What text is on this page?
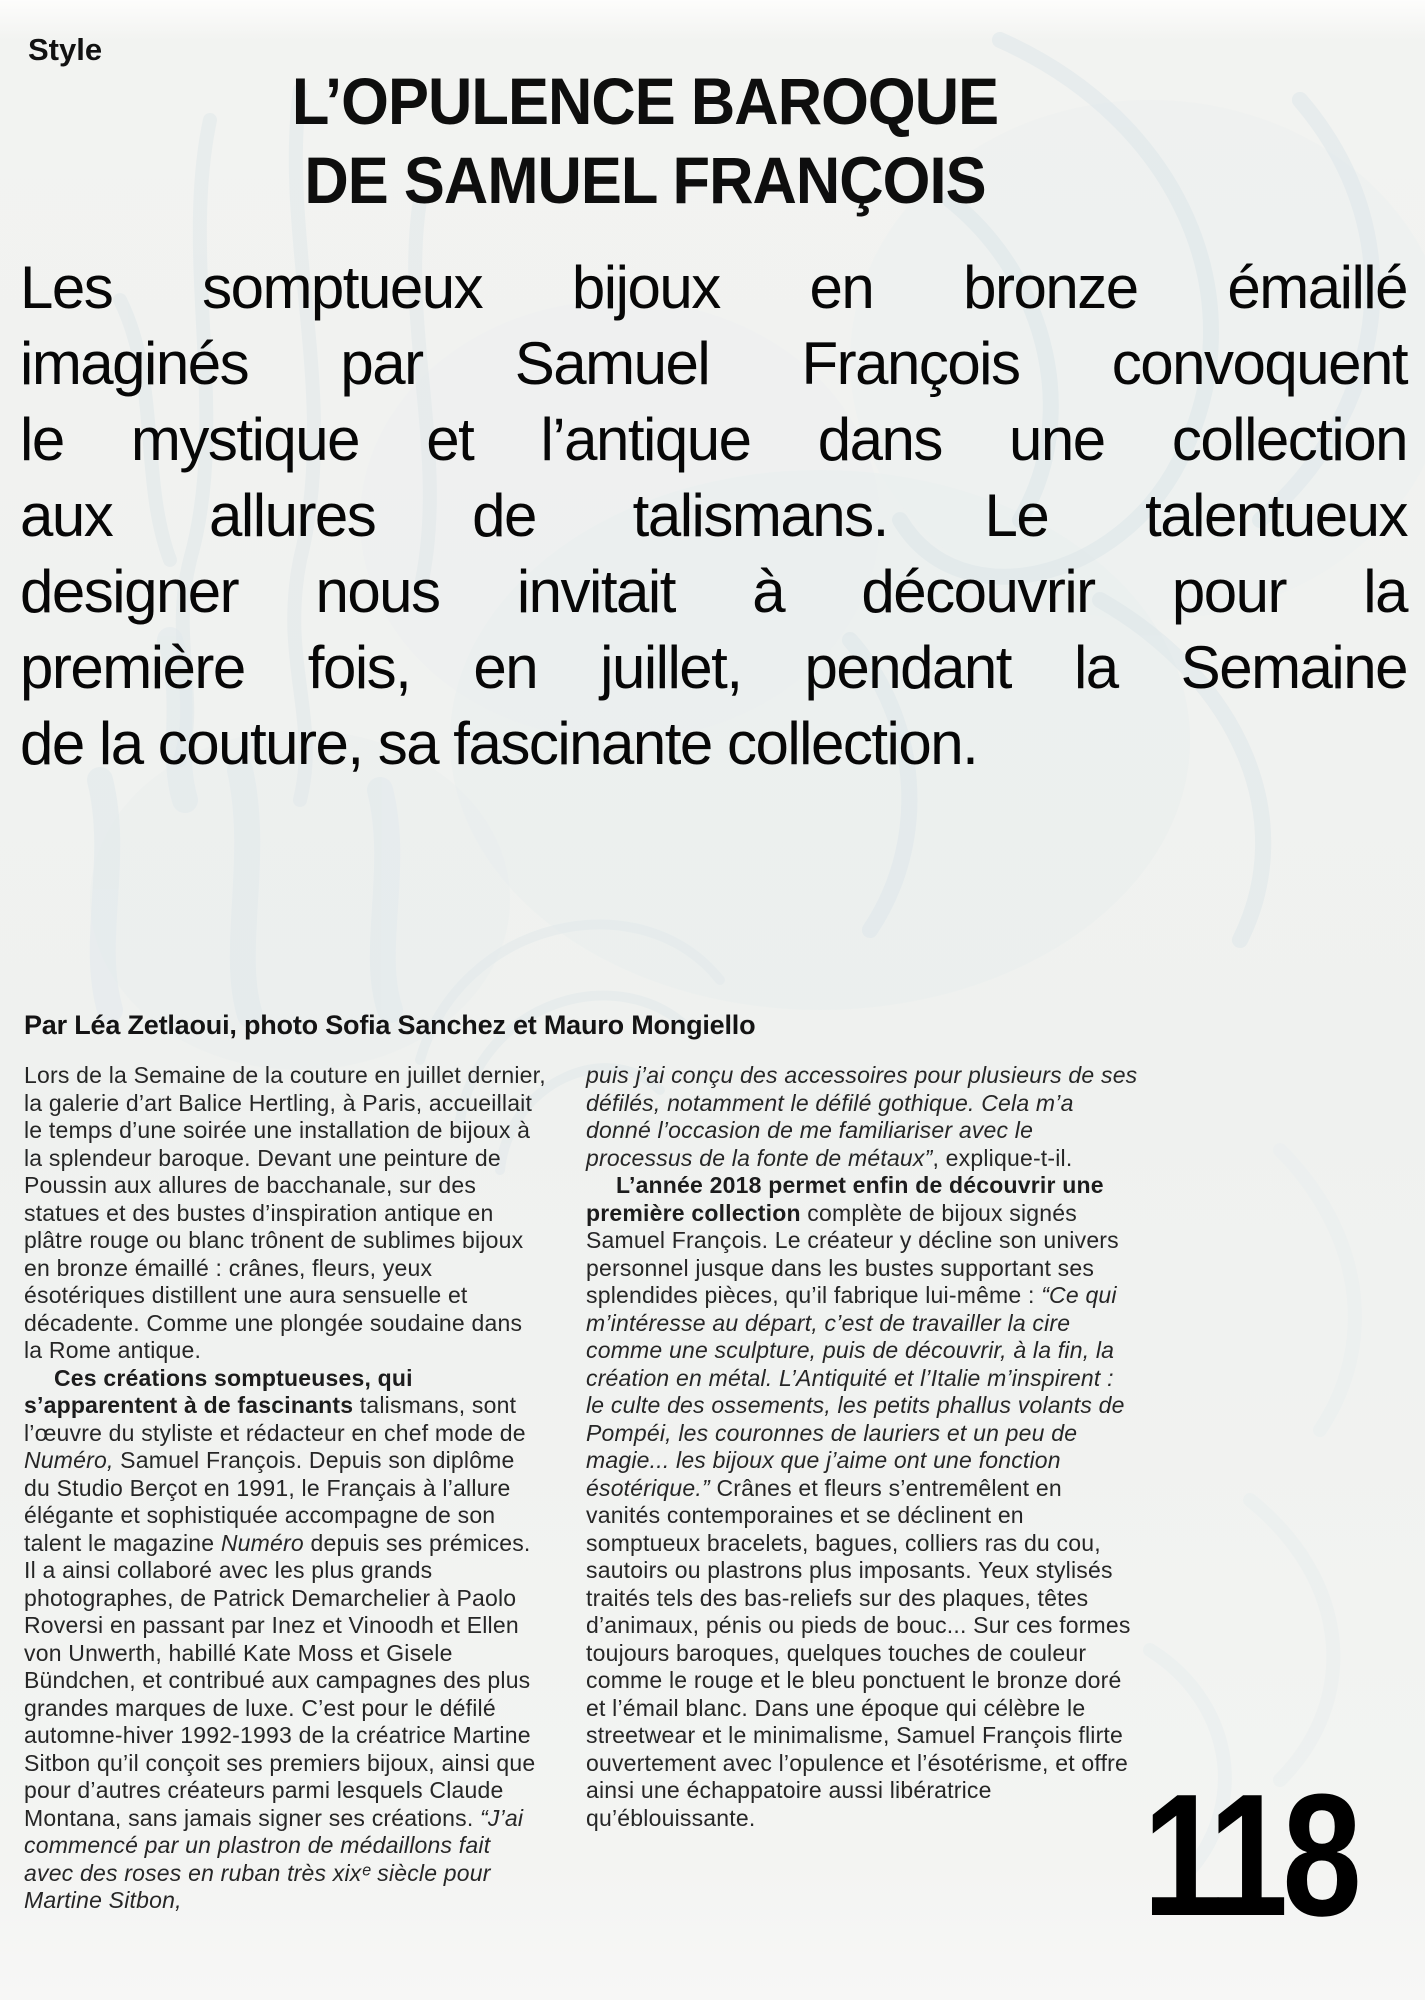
Style
L’OPULENCE BAROQUE
DE SAMUEL FRANÇOIS
Les somptueux bijoux en bronze émaillé
imaginés par Samuel François convoquent
le mystique et l’antique dans une collection
aux allures de talismans. Le talentueux
designer nous invitait à découvrir pour la
première fois, en juillet, pendant la Semaine
de la couture, sa fascinante collection.
Par Léa Zetlaoui, photo Sofia Sanchez et Mauro Mongiello

Lors de la Semaine de la couture en juillet dernier, la galerie d’art Balice Hertling, à Paris, accueillait le temps d’une soirée une installation de bijoux à la splendeur baroque. Devant une peinture de Poussin aux allures de bacchanale, sur des statues et des bustes d’inspiration antique en plâtre rouge ou blanc trônent de sublimes bijoux en bronze émaillé : crânes, fleurs, yeux ésotériques distillent une aura sensuelle et décadente. Comme une plongée soudaine dans la Rome antique.

Ces créations somptueuses, qui s’apparentent à de fascinants talismans, sont l’œuvre du styliste et rédacteur en chef mode de Numéro, Samuel François. Depuis son diplôme du Studio Berçot en 1991, le Français à l’allure élégante et sophistiquée accompagne de son talent le magazine Numéro depuis ses prémices. Il a ainsi collaboré avec les plus grands photographes, de Patrick Demarchelier à Paolo Roversi en passant par Inez et Vinoodh et Ellen von Unwerth, habillé Kate Moss et Gisele Bündchen, et contribué aux campagnes des plus grandes marques de luxe. C’est pour le défilé automne-hiver 1992-1993 de la créatrice Martine Sitbon qu’il conçoit ses premiers bijoux, ainsi que pour d’autres créateurs parmi lesquels Claude Montana, sans jamais signer ses créations. “J’ai commencé par un plastron de médaillons fait avec des roses en ruban très xixᵉ siècle pour Martine Sitbon,

puis j’ai conçu des accessoires pour plusieurs de ses défilés, notamment le défilé gothique. Cela m’a donné l’occasion de me familiariser avec le processus de la fonte de métaux”, explique-t-il.

L’année 2018 permet enfin de découvrir une première collection complète de bijoux signés Samuel François. Le créateur y décline son univers personnel jusque dans les bustes supportant ses splendides pièces, qu’il fabrique lui-même : “Ce qui m’intéresse au départ, c’est de travailler la cire comme une sculpture, puis de découvrir, à la fin, la création en métal. L’Antiquité et l’Italie m’inspirent : le culte des ossements, les petits phallus volants de Pompéi, les couronnes de lauriers et un peu de magie... les bijoux que j’aime ont une fonction ésotérique.” Crânes et fleurs s’entremêlent en vanités contemporaines et se déclinent en somptueux bracelets, bagues, colliers ras du cou, sautoirs ou plastrons plus imposants. Yeux stylisés traités tels des bas-reliefs sur des plaques, têtes d’animaux, pénis ou pieds de bouc... Sur ces formes toujours baroques, quelques touches de couleur comme le rouge et le bleu ponctuent le bronze doré et l’émail blanc. Dans une époque qui célèbre le streetwear et le minimalisme, Samuel François flirte ouvertement avec l’opulence et l’ésotérisme, et offre ainsi une échappatoire aussi libératrice qu’éblouissante.	118
